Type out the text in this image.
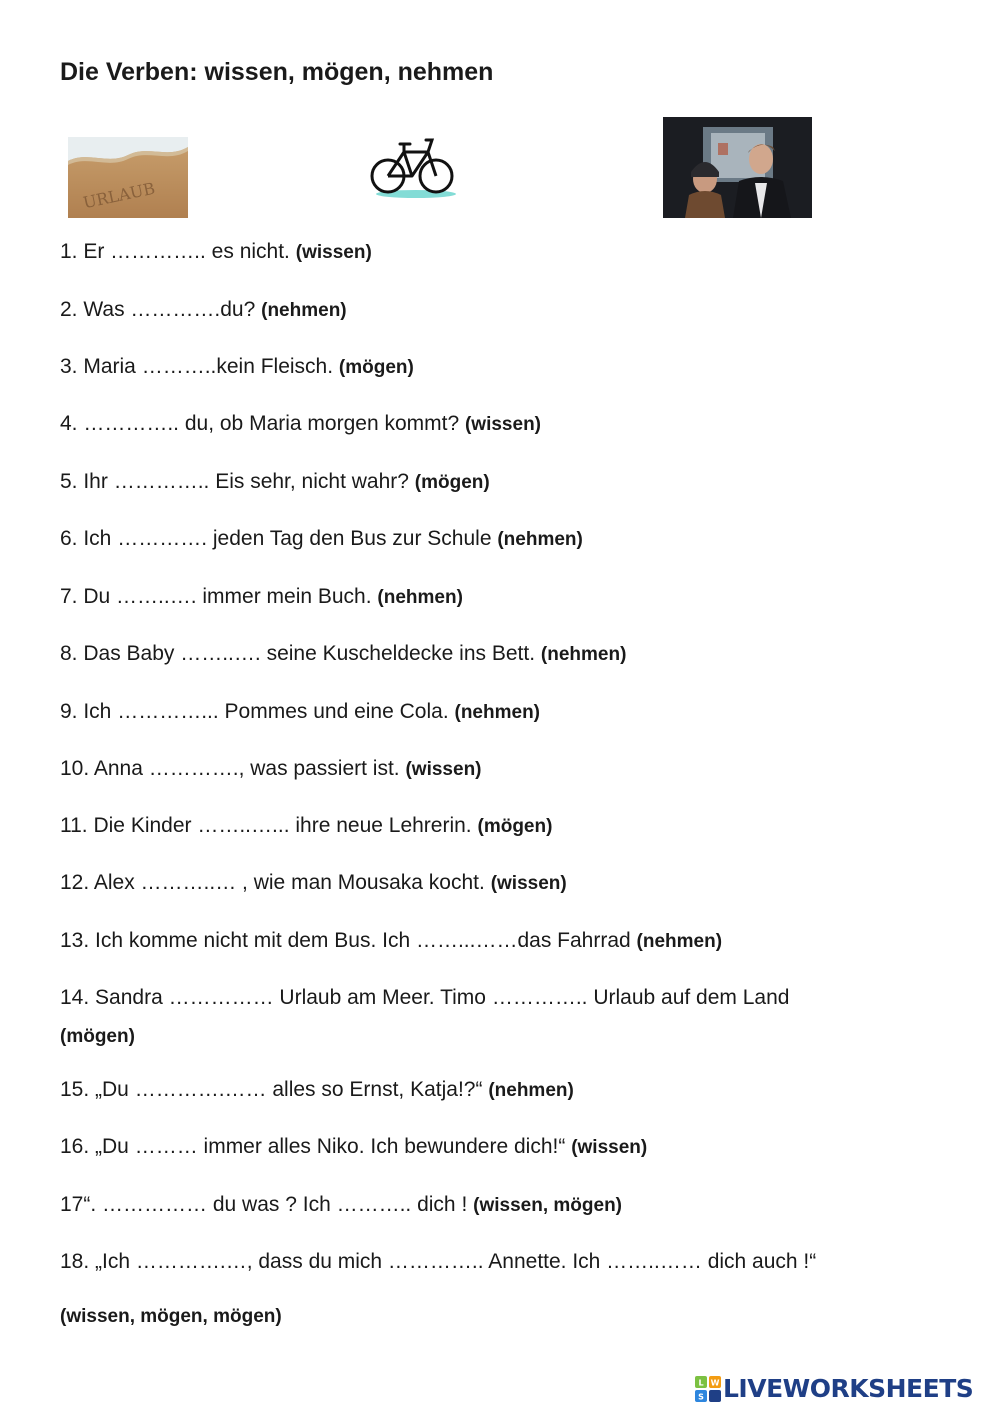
Die Verben: wissen, mögen, nehmen
URLAUB

1. Er ………….. es nicht. (wissen)

2. Was ………….du? (nehmen)

3. Maria ………..kein Fleisch. (mögen)

4. ………….. du, ob Maria morgen kommt? (wissen)

5. Ihr ………….. Eis sehr, nicht wahr? (mögen)

6. Ich …………. jeden Tag den Bus zur Schule (nehmen)

7. Du ……..…. immer mein Buch. (nehmen)

8. Das Baby ……..…. seine Kuscheldecke ins Bett. (nehmen)

9. Ich …………... Pommes und eine Cola. (nehmen)

10. Anna …………., was passiert ist. (wissen)

11. Die Kinder ……..…... ihre neue Lehrerin. (mögen)

12. Alex ………..… , wie man Mousaka kocht. (wissen)

13. Ich komme nicht mit dem Bus. Ich ……...……das Fahrrad (nehmen)

14. Sandra …………… Urlaub am Meer. Timo ………….. Urlaub auf dem Land

(mögen)

15. „Du ………….…… alles so Ernst, Katja!?“ (nehmen)

16. „Du ……… immer alles Niko. Ich bewundere dich!“ (wissen)

17“. …………… du was ? Ich ……….. dich ! (wissen, mögen)

18. „Ich ………….…, dass du mich ………….. Annette. Ich ……..…… dich auch !“

(wissen, mögen, mögen)

L W
S LIVEWORKSHEETS
